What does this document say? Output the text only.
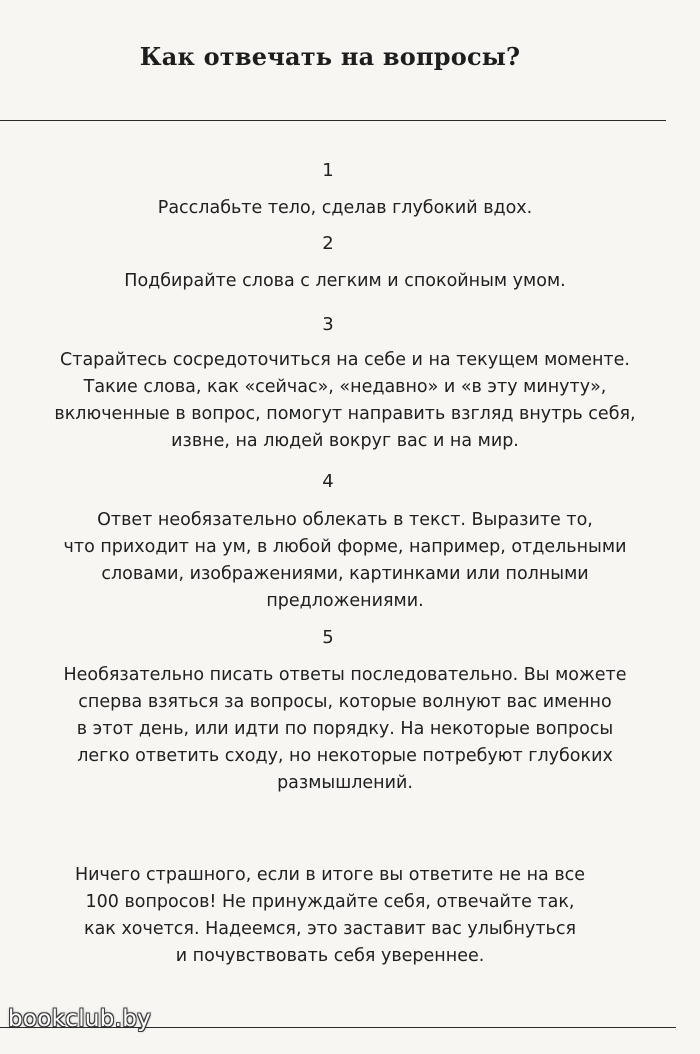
Как отвечать на вопросы?
1
Расслабьте тело, сделав глубокий вдох.
2
Подбирайте слова с легким и спокойным умом.
3
Старайтесь сосредоточиться на себе и на текущем моменте.
Такие слова, как «сейчас», «недавно» и «в эту минуту»,
включенные в вопрос, помогут направить взгляд внутрь себя,
извне, на людей вокруг вас и на мир.
4
Ответ необязательно облекать в текст. Выразите то,
что приходит на ум, в любой форме, например, отдельными
словами, изображениями, картинками или полными
предложениями.
5
Необязательно писать ответы последовательно. Вы можете
сперва взяться за вопросы, которые волнуют вас именно
в этот день, или идти по порядку. На некоторые вопросы
легко ответить сходу, но некоторые потребуют глубоких
размышлений.
Ничего страшного, если в итоге вы ответите не на все
100 вопросов! Не принуждайте себя, отвечайте так,
как хочется. Надеемся, это заставит вас улыбнуться
и почувствовать себя увереннее.
bookclub.by
